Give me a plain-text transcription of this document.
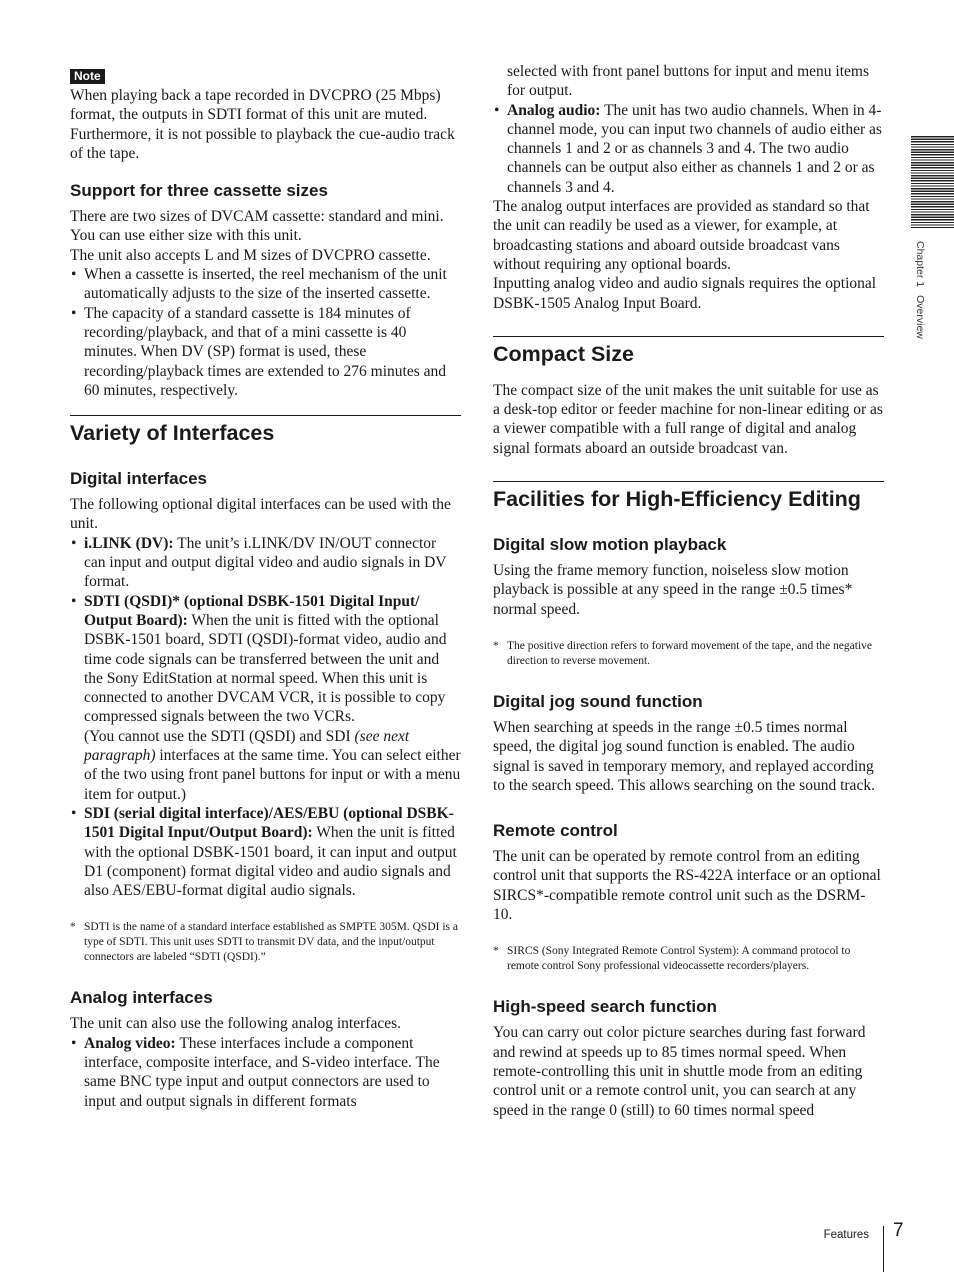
Chapter 1Overview
Note

When playing back a tape recorded in DVCPRO (25 Mbps) format, the outputs in SDTI format of this unit are muted. Furthermore, it is not possible to playback the cue-audio track of the tape.

Support for three cassette sizes

There are two sizes of DVCAM cassette: standard and mini. You can use either size with this unit.

The unit also accepts L and M sizes of DVCPRO cassette.

• When a cassette is inserted, the reel mechanism of the unit automatically adjusts to the size of the inserted cassette.
• The capacity of a standard cassette is 184 minutes of recording/playback, and that of a mini cassette is 40 minutes. When DV (SP) format is used, these recording/playback times are extended to 276 minutes and 60 minutes, respectively.
Variety of Interfaces
Digital interfaces

The following optional digital interfaces can be used with the unit.

• i.LINK (DV): The unit’s i.LINK/DV IN/OUT connector can input and output digital video and audio signals in DV format.
• SDTI (QSDI)* (optional DSBK-1501 Digital Input/ Output Board): When the unit is fitted with the optional DSBK-1501 board, SDTI (QSDI)-format video, audio and time code signals can be transferred between the unit and the Sony EditStation at normal speed. When this unit is connected to another DVCAM VCR, it is possible to copy compressed signals between the two VCRs.
(You cannot use the SDTI (QSDI) and SDI (see next paragraph) interfaces at the same time. You can select either of the two using front panel buttons for input or with a menu item for output.)
• SDI (serial digital interface)/AES/EBU (optional DSBK-1501 Digital Input/Output Board): When the unit is fitted with the optional DSBK-1501 board, it can input and output D1 (component) format digital video and audio signals and also AES/EBU-format digital audio signals.
* SDTI is the name of a standard interface established as SMPTE 305M. QSDI is a type of SDTI. This unit uses SDTI to transmit DV data, and the input/output connectors are labeled “SDTI (QSDI).”
Analog interfaces

The unit can also use the following analog interfaces.

• Analog video: These interfaces include a component interface, composite interface, and S-video interface. The same BNC type input and output connectors are used to input and output signals in different formats

selected with front panel buttons for input and menu items for output.

• Analog audio: The unit has two audio channels. When in 4-channel mode, you can input two channels of audio either as channels 1 and 2 or as channels 3 and 4. The two audio channels can be output also either as channels 1 and 2 or as channels 3 and 4.

The analog output interfaces are provided as standard so that the unit can readily be used as a viewer, for example, at broadcasting stations and aboard outside broadcast vans without requiring any optional boards.

Inputting analog video and audio signals requires the optional DSBK-1505 Analog Input Board.

Compact Size

The compact size of the unit makes the unit suitable for use as a desk-top editor or feeder machine for non-linear editing or as a viewer compatible with a full range of digital and analog signal formats aboard an outside broadcast van.

Facilities for High-Efficiency Editing
Digital slow motion playback

Using the frame memory function, noiseless slow motion playback is possible at any speed in the range ±0.5 times* normal speed.

* The positive direction refers to forward movement of the tape, and the negative direction to reverse movement.
Digital jog sound function

When searching at speeds in the range ±0.5 times normal speed, the digital jog sound function is enabled. The audio signal is saved in temporary memory, and replayed according to the search speed. This allows searching on the sound track.

Remote control

The unit can be operated by remote control from an editing control unit that supports the RS-422A interface or an optional SIRCS*-compatible remote control unit such as the DSRM-10.

* SIRCS (Sony Integrated Remote Control System): A command protocol to remote control Sony professional videocassette recorders/players.
High-speed search function

You can carry out color picture searches during fast forward and rewind at speeds up to 85 times normal speed. When remote-controlling this unit in shuttle mode from an editing control unit or a remote control unit, you can search at any speed in the range 0 (still) to 60 times normal speed

Features 7
